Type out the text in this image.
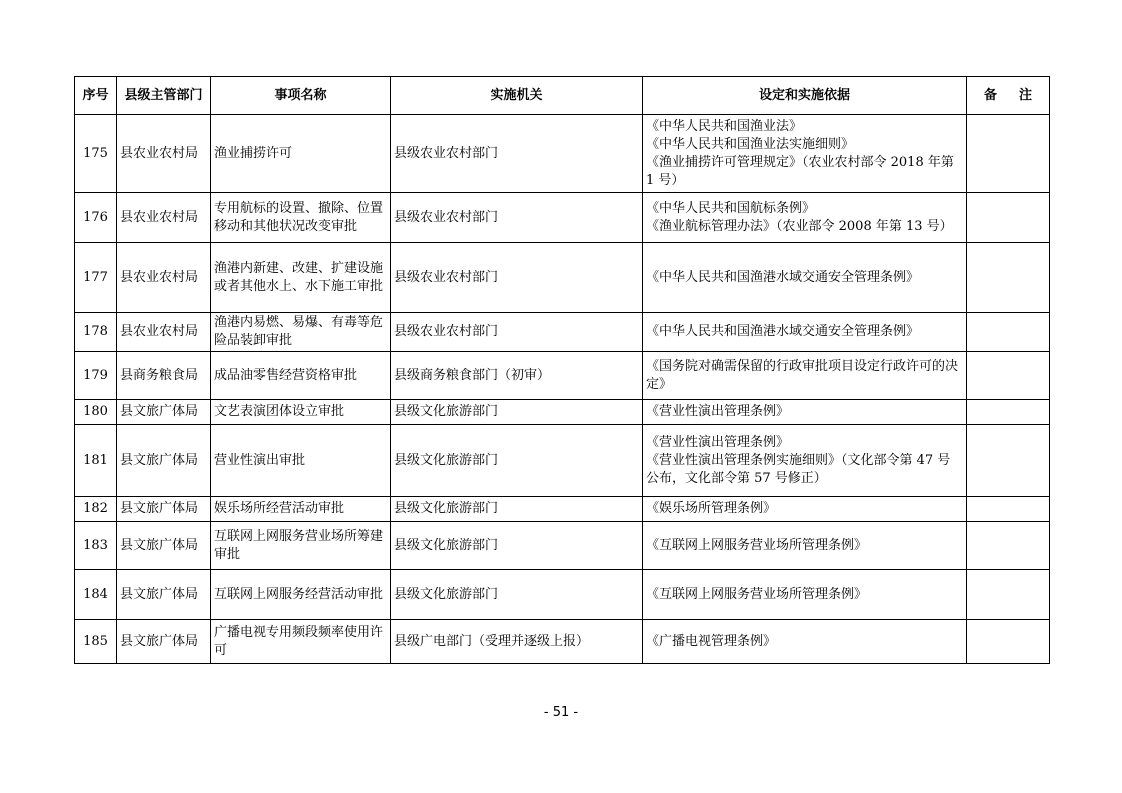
序号	县级主管部门	事项名称	实施机关	设定和实施依据	备 注
175	县农业农村局	渔业捕捞许可	县级农业农村部门	《中华人民共和国渔业法》
《中华人民共和国渔业法实施细则》
《渔业捕捞许可管理规定》（农业农村部令 2018 年第 1 号）	

176	县农业农村局	专用航标的设置、撤除、位置移动和其他状况改变审批	县级农业农村部门	《中华人民共和国航标条例》
《渔业航标管理办法》（农业部令 2008 年第 13 号）	

177	县农业农村局	渔港内新建、改建、扩建设施或者其他水上、水下施工审批	县级农业农村部门	《中华人民共和国渔港水域交通安全管理条例》	

178	县农业农村局	渔港内易燃、易爆、有毒等危险品装卸审批	县级农业农村部门	《中华人民共和国渔港水域交通安全管理条例》	

179	县商务粮食局	成品油零售经营资格审批	县级商务粮食部门（初审）	《国务院对确需保留的行政审批项目设定行政许可的决定》	

180	县文旅广体局	文艺表演团体设立审批	县级文化旅游部门	《营业性演出管理条例》	

181	县文旅广体局	营业性演出审批	县级文化旅游部门	《营业性演出管理条例》
《营业性演出管理条例实施细则》（文化部令第 47 号公布，文化部令第 57 号修正）	

182	县文旅广体局	娱乐场所经营活动审批	县级文化旅游部门	《娱乐场所管理条例》	

183	县文旅广体局	互联网上网服务营业场所筹建审批	县级文化旅游部门	《互联网上网服务营业场所管理条例》	

184	县文旅广体局	互联网上网服务经营活动审批	县级文化旅游部门	《互联网上网服务营业场所管理条例》	

185	县文旅广体局	广播电视专用频段频率使用许可	县级广电部门（受理并逐级上报）	《广播电视管理条例》	

- 51 -
